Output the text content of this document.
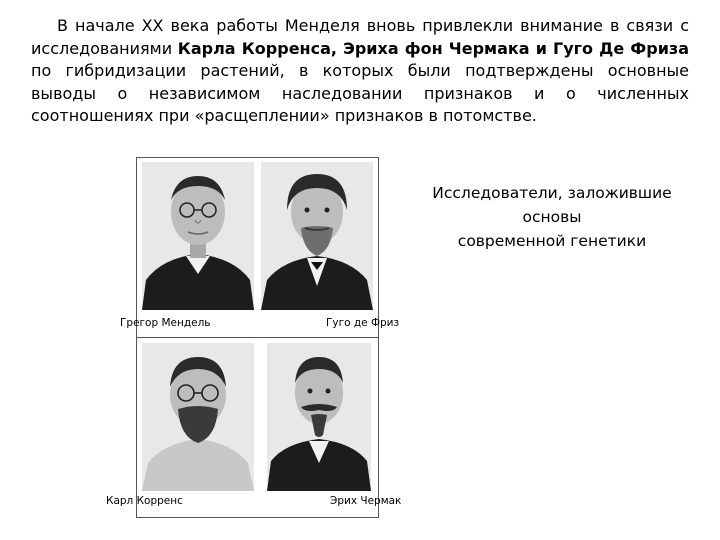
В начале XX века работы Менделя вновь привлекли внимание в связи с исследованиями Карла Корренса, Эриха фон Чермака и Гуго Де Фриза по гибридизации растений, в которых были подтверждены основные выводы о независимом наследовании признаков и о численных соотношениях при «расщеплении» признаков в потомстве.

Исследователи, заложившие основы
современной генетики
Грегор Мендель	Гуго де Фриз
Карл Корренс	Эрих Чермак
